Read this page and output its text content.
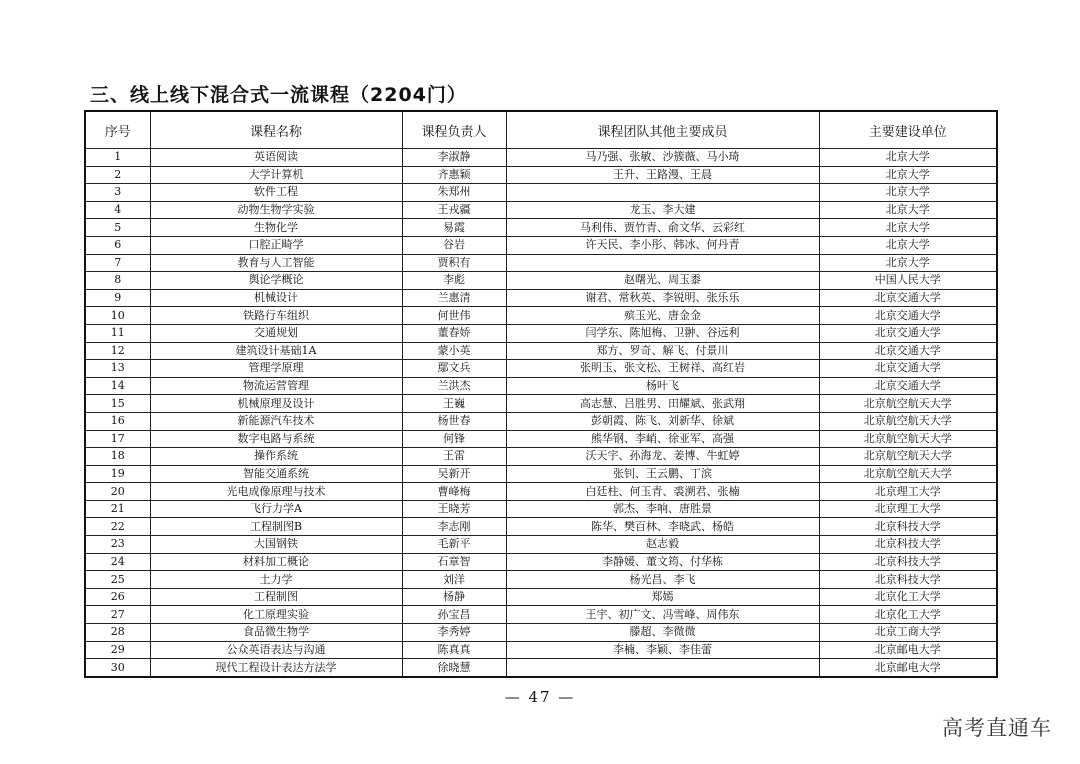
三、线上线下混合式一流课程（2204门）
序号	课程名称	课程负责人	课程团队其他主要成员	主要建设单位
1	英语阅读	李淑静	马乃强、张敏、沙簇薇、马小琦	北京大学
2	大学计算机	齐惠颖	王升、王路漫、王晨	北京大学
3	软件工程	朱郑州		北京大学
4	动物生物学实验	王戎疆	龙玉、李大建	北京大学
5	生物化学	易霞	马利伟、贾竹青、俞文华、云彩红	北京大学
6	口腔正畸学	谷岩	许天民、李小彤、韩冰、何丹青	北京大学
7	教育与人工智能	贾积有		北京大学
8	舆论学概论	李彪	赵曙光、周玉黍	中国人民大学
9	机械设计	兰惠清	谢君、常秋英、李锐明、张乐乐	北京交通大学
10	铁路行车组织	何世伟	殡玉光、唐金金	北京交通大学
11	交通规划	董春娇	闫学东、陈旭梅、卫翀、谷远利	北京交通大学
12	建筑设计基础1A	蒙小英	郑方、罗奇、解飞、付景川	北京交通大学
13	管理学原理	鄢文兵	张明玉、张文松、王树祥、高红岩	北京交通大学
14	物流运营管理	兰洪杰	杨叶飞	北京交通大学
15	机械原理及设计	王巍	高志慧、吕胜男、田耀斌、张武翔	北京航空航天大学
16	新能源汽车技术	杨世春	彭朝霞、陈飞、刘新华、徐斌	北京航空航天大学
17	数字电路与系统	何锋	熊华钢、李峭、徐亚军、高强	北京航空航天大学
18	操作系统	王雷	沃天宇、孙海龙、姜博、牛虹婷	北京航空航天大学
19	智能交通系统	吴新开	张钊、王云鹏、丁滨	北京航空航天大学
20	光电成像原理与技术	曹峰梅	白廷柱、何玉青、裘溯君、张楠	北京理工大学
21	飞行力学A	王晓芳	郭杰、李响、唐胜景	北京理工大学
22	工程制图B	李志刚	陈华、樊百林、李晓武、杨皓	北京科技大学
23	大国钢铁	毛新平	赵志毅	北京科技大学
24	材料加工概论	石章智	李静媛、董文筠、付华栋	北京科技大学
25	土力学	刘洋	杨光昌、李飞	北京科技大学
26	工程制图	杨静	郑嫣	北京化工大学
27	化工原理实验	孙宝昌	王宇、初广文、冯雪峰、周伟东	北京化工大学
28	食品微生物学	李秀婷	滕超、李微微	北京工商大学
29	公众英语表达与沟通	陈真真	李楠、李颖、李佳蕾	北京邮电大学
30	现代工程设计表达方法学	徐晓慧		北京邮电大学
— 47 —
高考直通车
